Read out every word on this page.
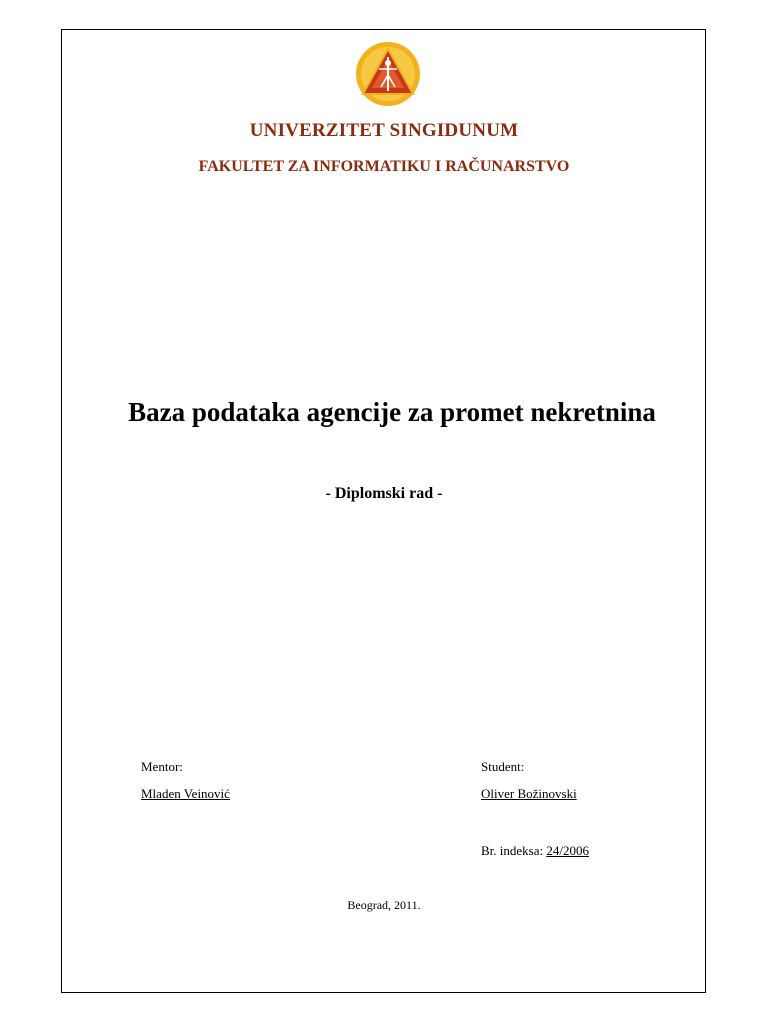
UNIVERZITET SINGIDUNUM
FAKULTET ZA INFORMATIKU I RAČUNARSTVO
Baza podataka agencije za promet nekretnina
- Diplomski rad -
Mentor:
Mladen Veinović
Student:
Oliver Božinovski
Br. indeksa: 24/2006
Beograd, 2011.
